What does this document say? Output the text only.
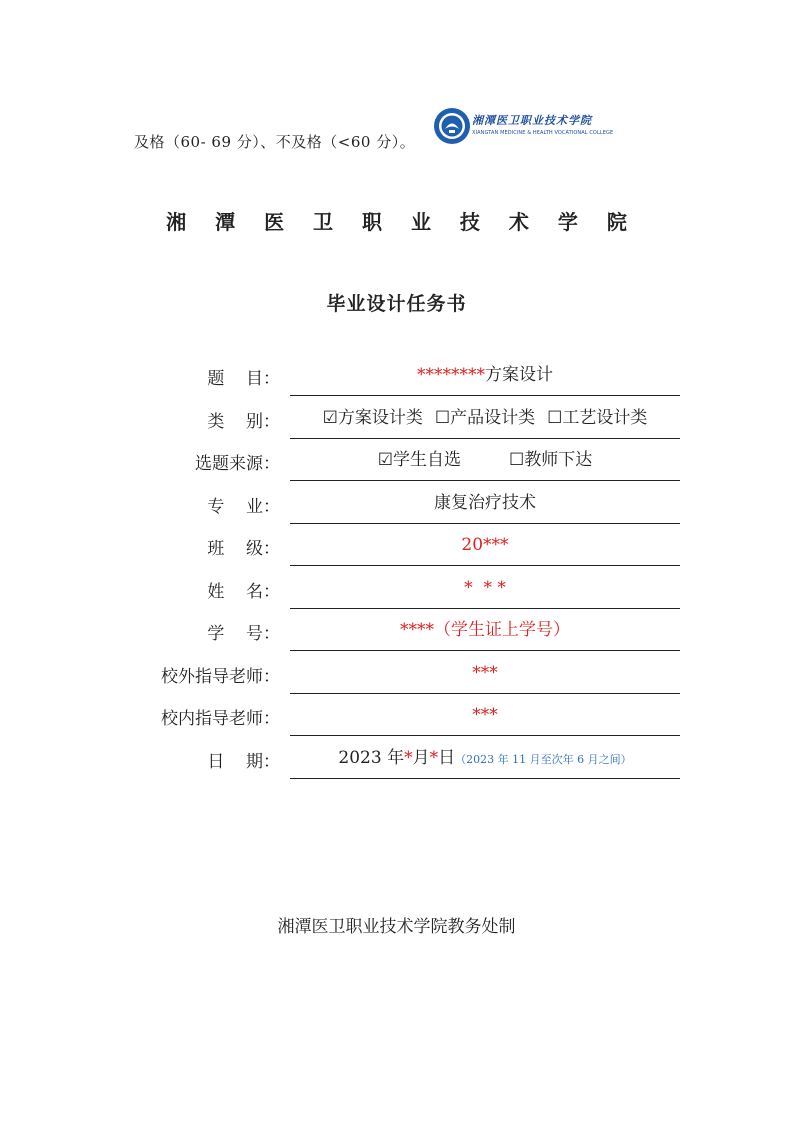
及格（60- 69 分）、不及格（<60 分）。
湘潭医卫职业技术学院
XIANGTAN MEDICINE & HEALTH VOCATIONAL COLLEGE
湘 潭 医 卫 职 业 技 术 学 院
毕业设计任务书
题    目：	********方案设计
类    别：	☑方案设计类 ☐产品设计类 ☐工艺设计类
选题来源：	☑学生自选	☐教师下达
专    业：	康复治疗技术
班    级：	20***
姓    名：	*  * *
学    号：	****（学生证上学号）
校外指导老师：	***
校内指导老师：	***
日    期：	2023 年*月*日（2023 年 11 月至次年 6 月之间）
湘潭医卫职业技术学院教务处制
